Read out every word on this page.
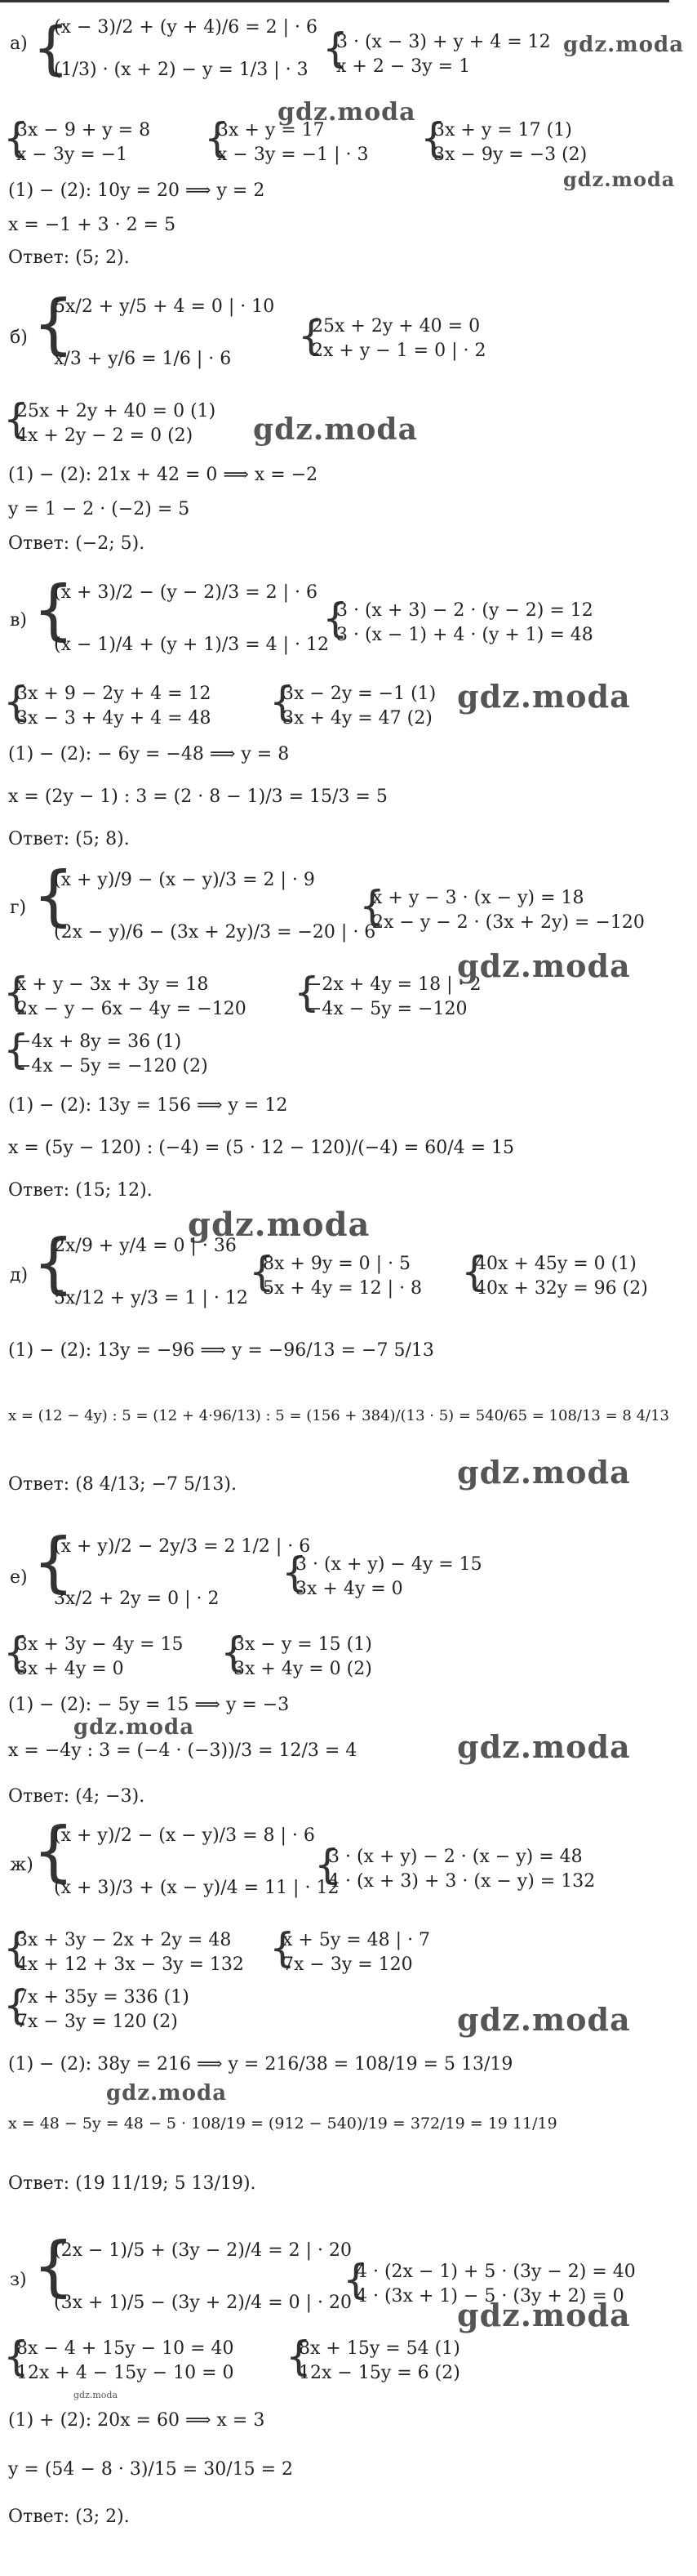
а) {
(x − 3)/2 + (y + 4)/6 = 2 | · 6
(1/3) · (x + 2) − y = 1/3 | · 3 {
3 · (x − 3) + y + 4 = 12
x + 2 − 3y = 1
{
3x − 9 + y = 8
x − 3y = −1 {
3x + y = 17
x − 3y = −1 | · 3 {
3x + y = 17 (1)
3x − 9y = −3 (2)
(1) − (2): 10y = 20 ⟹ y = 2
x = −1 + 3 · 2 = 5
Ответ: (5; 2).
gdz.moda
gdz.moda
gdz.moda
б) {
5x/2 + y/5 + 4 = 0 | · 10
x/3 + y/6 = 1/6 | · 6 {
25x + 2y + 40 = 0
2x + y − 1 = 0 | · 2
{
25x + 2y + 40 = 0 (1)
4x + 2y − 2 = 0 (2)
(1) − (2): 21x + 42 = 0 ⟹ x = −2
y = 1 − 2 · (−2) = 5
Ответ: (−2; 5).
gdz.moda
в) {
(x + 3)/2 − (y − 2)/3 = 2 | · 6
(x − 1)/4 + (y + 1)/3 = 4 | · 12
{
3 · (x + 3) − 2 · (y − 2) = 12
3 · (x − 1) + 4 · (y + 1) = 48
{
3x + 9 − 2y + 4 = 12
3x − 3 + 4y + 4 = 48 {
3x − 2y = −1 (1)
3x + 4y = 47 (2)
(1) − (2): − 6y = −48 ⟹ y = 8
x = (2y − 1) : 3 = (2 · 8 − 1)/3 = 15/3 = 5
Ответ: (5; 8).
gdz.moda
г) {
(x + y)/9 − (x − y)/3 = 2 | · 9
(2x − y)/6 − (3x + 2y)/3 = −20 | · 6
{
x + y − 3 · (x − y) = 18
2x − y − 2 · (3x + 2y) = −120
{
x + y − 3x + 3y = 18
2x − y − 6x − 4y = −120 {
−2x + 4y = 18 | · 2
−4x − 5y = −120
{
−4x + 8y = 36 (1)
−4x − 5y = −120 (2)
(1) − (2): 13y = 156 ⟹ y = 12
x = (5y − 120) : (−4) = (5 · 12 − 120)/(−4) = 60/4 = 15
Ответ: (15; 12).
gdz.moda
gdz.moda
д) {
2x/9 + y/4 = 0 | · 36
5x/12 + y/3 = 1 | · 12
{
8x + 9y = 0 | · 5
5x + 4y = 12 | · 8 {
40x + 45y = 0 (1)
40x + 32y = 96 (2)
(1) − (2): 13y = −96 ⟹ y = −96/13 = −7 5/13
x = (12 − 4y) : 5 = (12 + 4·96/13) : 5 = (156 + 384)/(13 · 5) = 540/65 = 108/13 = 8 4/13
Ответ: (8 4/13; −7 5/13).	gdz.moda
е) {
(x + y)/2 − 2y/3 = 2 1/2 | · 6
3x/2 + 2y = 0 | · 2
{
3 · (x + y) − 4y = 15
3x + 4y = 0
{
3x + 3y − 4y = 15
3x + 4y = 0 {
3x − y = 15 (1)
3x + 4y = 0 (2)
(1) − (2): − 5y = 15 ⟹ y = −3
x = −4y : 3 = (−4 · (−3))/3 = 12/3 = 4
Ответ: (4; −3).
gdz.moda
gdz.moda
ж) {
(x + y)/2 − (x − y)/3 = 8 | · 6
(x + 3)/3 + (x − y)/4 = 11 | · 12
{
3 · (x + y) − 2 · (x − y) = 48
4 · (x + 3) + 3 · (x − y) = 132
{
3x + 3y − 2x + 2y = 48
4x + 12 + 3x − 3y = 132 {
x + 5y = 48 | · 7
7x − 3y = 120
{
7x + 35y = 336 (1)
7x − 3y = 120 (2)
(1) − (2): 38y = 216 ⟹ y = 216/38 = 108/19 = 5 13/19
x = 48 − 5y = 48 − 5 · 108/19 = (912 − 540)/19 = 372/19 = 19 11/19
Ответ: (19 11/19; 5 13/19).
gdz.moda
gdz.moda
з) {
(2x − 1)/5 + (3y − 2)/4 = 2 | · 20
(3x + 1)/5 − (3y + 2)/4 = 0 | · 20
{
4 · (2x − 1) + 5 · (3y − 2) = 40
4 · (3x + 1) − 5 · (3y + 2) = 0
{
8x − 4 + 15y − 10 = 40
12x + 4 − 15y − 10 = 0 {
8x + 15y = 54 (1)
12x − 15y = 6 (2)
(1) + (2): 20x = 60 ⟹ x = 3
y = (54 − 8 · 3)/15 = 30/15 = 2
Ответ: (3; 2).
gdz.moda
gdz.moda
